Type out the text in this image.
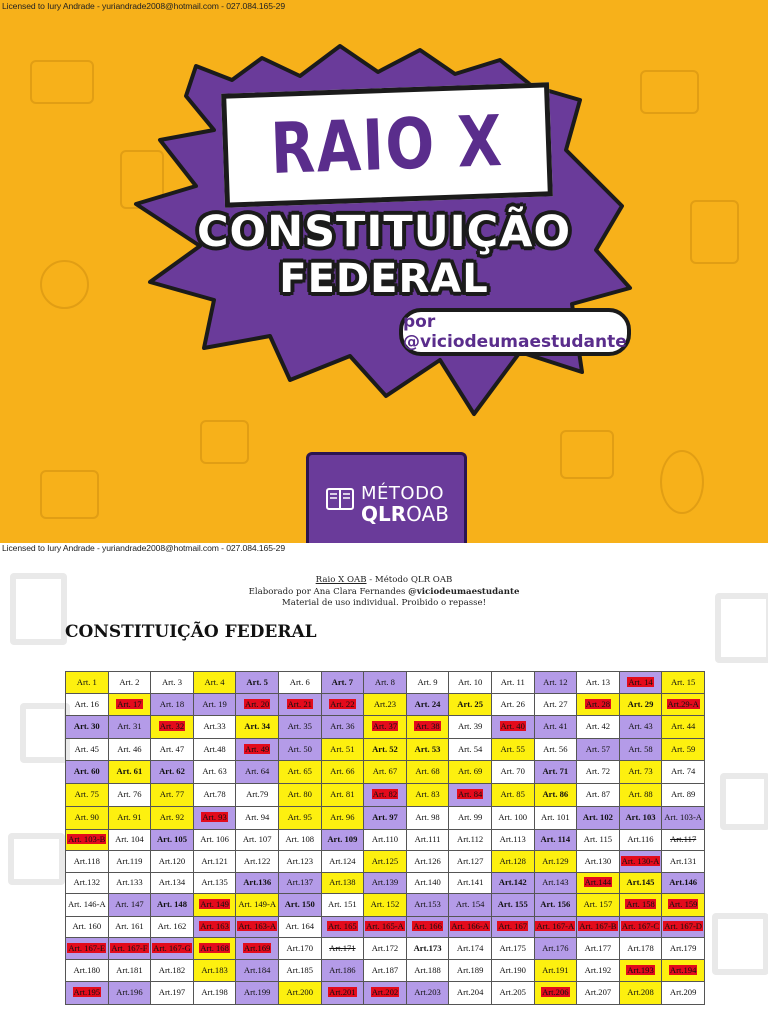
RAIO X
CONSTITUIÇÃO
FEDERAL
por @viciodeumaestudante
MÉTODO
QLROAB
Licensed to Iury Andrade - yuriandrade2008@hotmail.com - 027.084.165-29
Licensed to Iury Andrade - yuriandrade2008@hotmail.com - 027.084.165-29
Raio X OAB - Método QLR OAB
Elaborado por Ana Clara Fernandes @viciodeumaestudante
Material de uso individual. Proibido o repasse!
CONSTITUIÇÃO FEDERAL
Art. 1	Art. 2	Art. 3	Art. 4	Art. 5	Art. 6	Art. 7	Art. 8	Art. 9	Art. 10	Art. 11	Art. 12	Art. 13	Art. 14	Art. 15
Art. 16	Art. 17	Art. 18	Art. 19	Art. 20	Art. 21	Art. 22	Art.23	Art. 24	Art. 25	Art. 26	Art. 27	Art. 28	Art. 29	Art.29-A
Art. 30	Art. 31	Art. 32	Art.33	Art. 34	Art. 35	Art. 36	Art. 37	Art. 38	Art. 39	Art. 40	Art. 41	Art. 42	Art. 43	Art. 44
Art. 45	Art. 46	Art. 47	Art.48	Art. 49	Art. 50	Art. 51	Art. 52	Art. 53	Art. 54	Art. 55	Art. 56	Art. 57	Art. 58	Art. 59
Art. 60	Art. 61	Art. 62	Art. 63	Art. 64	Art. 65	Art. 66	Art. 67	Art. 68	Art. 69	Art. 70	Art. 71	Art. 72	Art. 73	Art. 74
Art. 75	Art. 76	Art. 77	Art.78	Art.79	Art. 80	Art. 81	Art. 82	Art. 83	Art. 84	Art. 85	Art. 86	Art. 87	Art. 88	Art. 89
Art. 90	Art. 91	Art. 92	Art. 93	Art. 94	Art. 95	Art. 96	Art. 97	Art. 98	Art. 99	Art. 100	Art. 101	Art. 102	Art. 103	Art. 103-A
Art. 103-B	Art. 104	Art. 105	Art. 106	Art. 107	Art. 108	Art. 109	Art.110	Art.111	Art.112	Art.113	Art. 114	Art. 115	Art.116	Art.117
Art.118	Art.119	Art.120	Art.121	Art.122	Art.123	Art.124	Art.125	Art.126	Art.127	Art.128	Art.129	Art.130	Art. 130-A	Art.131
Art.132	Art.133	Art.134	Art.135	Art.136	Art.137	Art.138	Art.139	Art.140	Art.141	Art.142	Art.143	Art.144	Art.145	Art.146
Art. 146-A	Art. 147	Art. 148	Art. 149	Art. 149-A	Art. 150	Art. 151	Art. 152	Art.153	Art. 154	Art. 155	Art. 156	Art. 157	Art. 158	Art. 159
Art. 160	Art. 161	Art. 162	Art. 163	Art. 163-A	Art. 164	Art. 165	Art. 165-A	Art. 166	Art. 166-A	Art. 167	Art. 167-A	Art. 167-B	Art. 167-C	Art. 167-D
Art. 167-E	Art. 167-F	Art. 167-G	Art. 168	Art.169	Art.170	Art.171	Art.172	Art.173	Art.174	Art.175	Art.176	Art.177	Art.178	Art.179
Art.180	Art.181	Art.182	Art.183	Art.184	Art.185	Art.186	Art.187	Art.188	Art.189	Art.190	Art.191	Art.192	Art.193	Art.194
Art.195	Art.196	Art.197	Art.198	Art.199	Art.200	Art.201	Art.202	Art.203	Art.204	Art.205	Art.206	Art.207	Art.208	Art.209
